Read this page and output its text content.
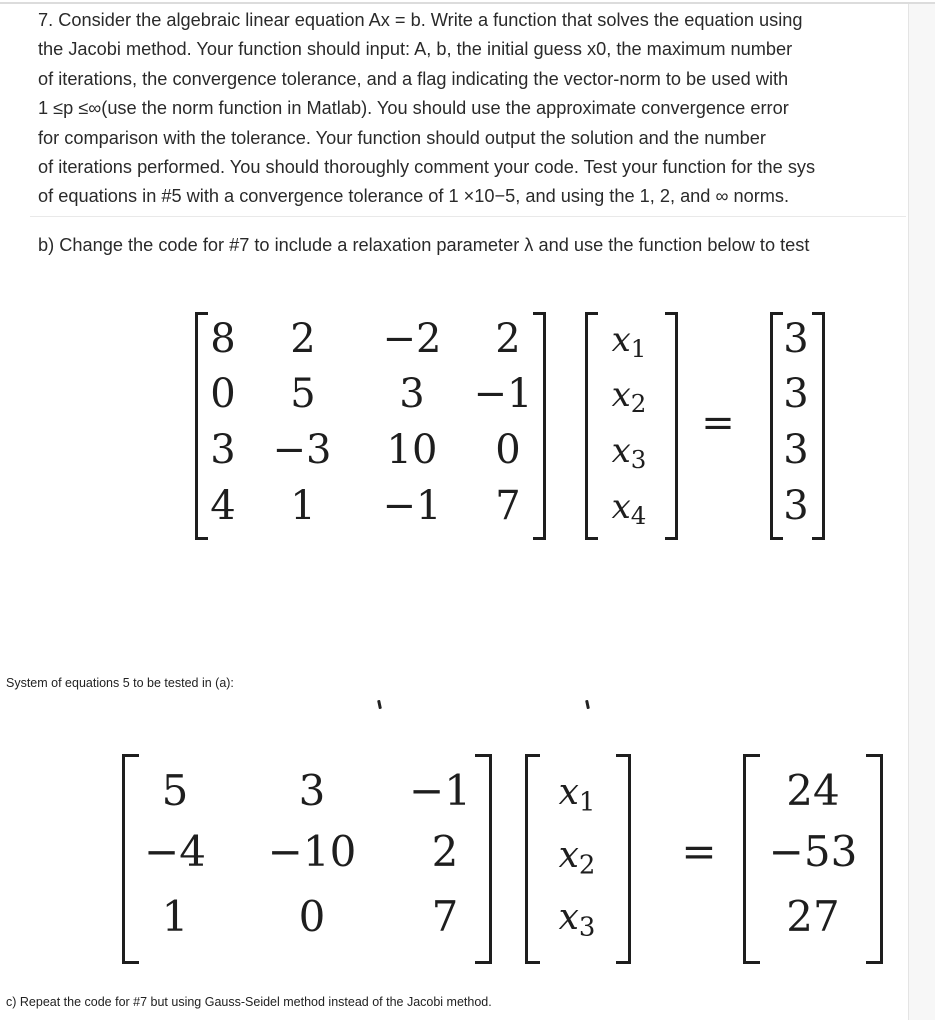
7. Consider the algebraic linear equation Ax = b. Write a function that solves the equation using
the Jacobi method. Your function should input: A, b, the initial guess x0, the maximum number
of iterations, the convergence tolerance, and a flag indicating the vector-norm to be used with
1 ≤p ≤∞(use the norm function in Matlab). You should use the approximate convergence error
for comparison with the tolerance. Your function should output the solution and the number
of iterations performed. You should thoroughly comment your code. Test your function for the sys
of equations in #5 with a convergence tolerance of 1 ×10−5, and using the 1, 2, and ∞ norms.
b) Change the code for #7 to include a relaxation parameter λ and use the function below to test
8 2 −2 2
0 5	3	−1
3 −3	10	0
4 1 −1 7
$x_1$
$x_2$
$x_3$
$x_4$
=
3
3
3
3
System of equations 5 to be tested in (a):
5	3	−1
−4	−10	2
1	0	7
$x_1$
$x_2$
$x_3$
=
24
−53
27
c) Repeat the code for #7 but using Gauss-Seidel method instead of the Jacobi method.
